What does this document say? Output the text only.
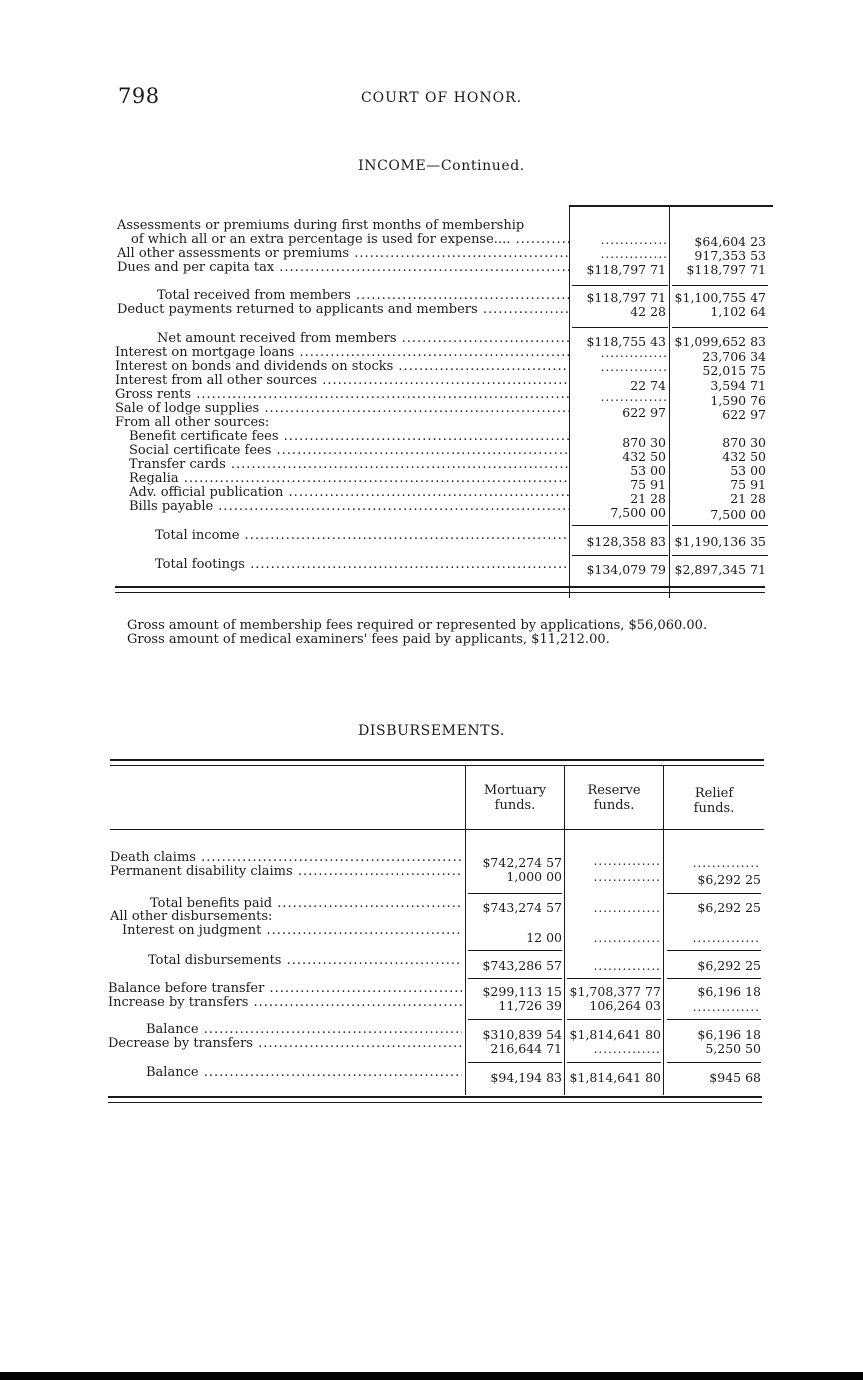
798	COURT OF HONOR.
INCOME—Continued.
Assessments or premiums during first months of membership
of which all or an extra percentage is used for expense.... .....	..............	$64,604 23
All other assessments or premiums .....	..............	917,353 53
Dues and per capita tax .....	$118,797 71	$118,797 71
Total received from members .....	$118,797 71 $1,100,755 47
Deduct payments returned to applicants and members .....	42 28	1,102 64
Net amount received from members .....	$118,755 43 $1,099,652 83
Interest on mortgage loans .....	..............	23,706 34
Interest on bonds and dividends on stocks .....	..............	52,015 75
Interest from all other sources .....	22 74	3,594 71
Gross rents .....	..............	1,590 76
Sale of lodge supplies .....	622 97	622 97
From all other sources:
Benefit certificate fees .....	870 30	870 30
Social certificate fees .....	432 50	432 50
Transfer cards .....	53 00	53 00
Regalia .....	75 91	75 91
Adv. official publication .....	21 28	21 28
Bills payable .....	7,500 00	7,500 00
Total income .....	$128,358 83 $1,190,136 35
Total footings .....	$134,079 79 $2,897,345 71
Gross amount of membership fees required or represented by applications, $56,060.00.
Gross amount of medical examiners' fees paid by applicants, $11,212.00.
DISBURSEMENTS.
Mortuary
funds.
Reserve
funds.
Relief
funds.
Death claims .....	$742,274 57	..............	..............
Permanent disability claims .....	1,000 00	..............	$6,292 25
Total benefits paid .....	$743,274 57	..............	$6,292 25
All other disbursements:
Interest on judgment .....	12 00	..............	..............
Total disbursements .....	$743,286 57	..............	$6,292 25
Balance before transfer .....	$299,113 15 $1,708,377 77	$6,196 18
Increase by transfers .....	11,726 39	106,264 03	..............
Balance .....	$310,839 54 $1,814,641 80	$6,196 18
Decrease by transfers .....	216,644 71	..............	5,250 50
Balance .....	$94,194 83 $1,814,641 80	$945 68
